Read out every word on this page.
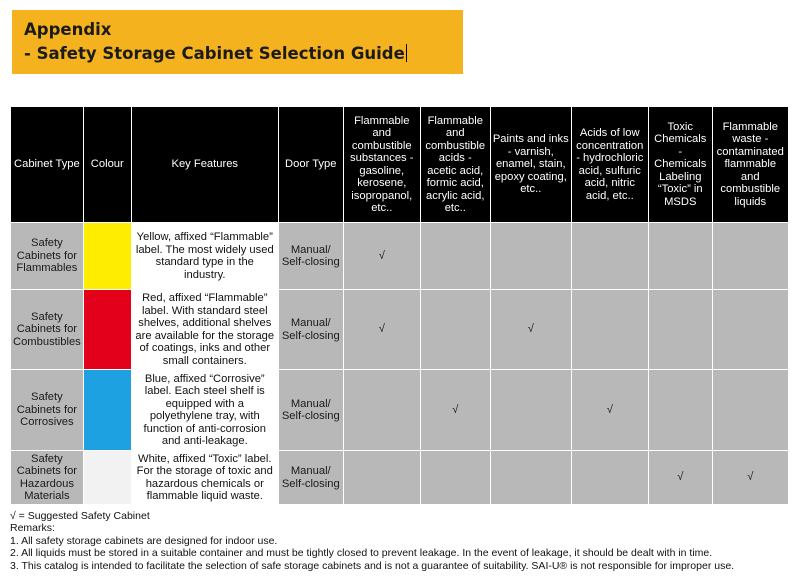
Appendix
- Safety Storage Cabinet Selection Guide
Cabinet Type	Colour	Key Features	Door Type	Flammable and combustible substances - gasoline, kerosene, isopropanol, etc..	Flammable and combustible acids - acetic acid, formic acid, acrylic acid, etc..	Paints and inks - varnish, enamel, stain, epoxy coating, etc..	Acids of low concentration - hydrochloric acid, sulfuric acid, nitric acid, etc..	Toxic Chemicals - Chemicals Labeling “Toxic” in MSDS	Flammable waste - contaminated flammable and combustible liquids
Safety Cabinets for Flammables		Yellow, affixed “Flammable” label. The most widely used standard type in the industry.	Manual/ Self-closing	√					
Safety Cabinets for Combustibles		Red, affixed “Flammable” label. With standard steel shelves, additional shelves are available for the storage of coatings, inks and other small containers.	Manual/ Self-closing	√		√			
Safety Cabinets for Corrosives		Blue, affixed “Corrosive” label. Each steel shelf is equipped with a polyethylene tray, with function of anti-corrosion and anti-leakage.	Manual/ Self-closing		√		√		
Safety Cabinets for Hazardous Materials		White, affixed “Toxic” label. For the storage of toxic and hazardous chemicals or flammable liquid waste.	Manual/ Self-closing					√	√
√ = Suggested Safety Cabinet
Remarks:
1. All safety storage cabinets are designed for indoor use.
2. All liquids must be stored in a suitable container and must be tightly closed to prevent leakage. In the event of leakage, it should be dealt with in time.
3. This catalog is intended to facilitate the selection of safe storage cabinets and is not a guarantee of suitability. SAI-U® is not responsible for improper use.
